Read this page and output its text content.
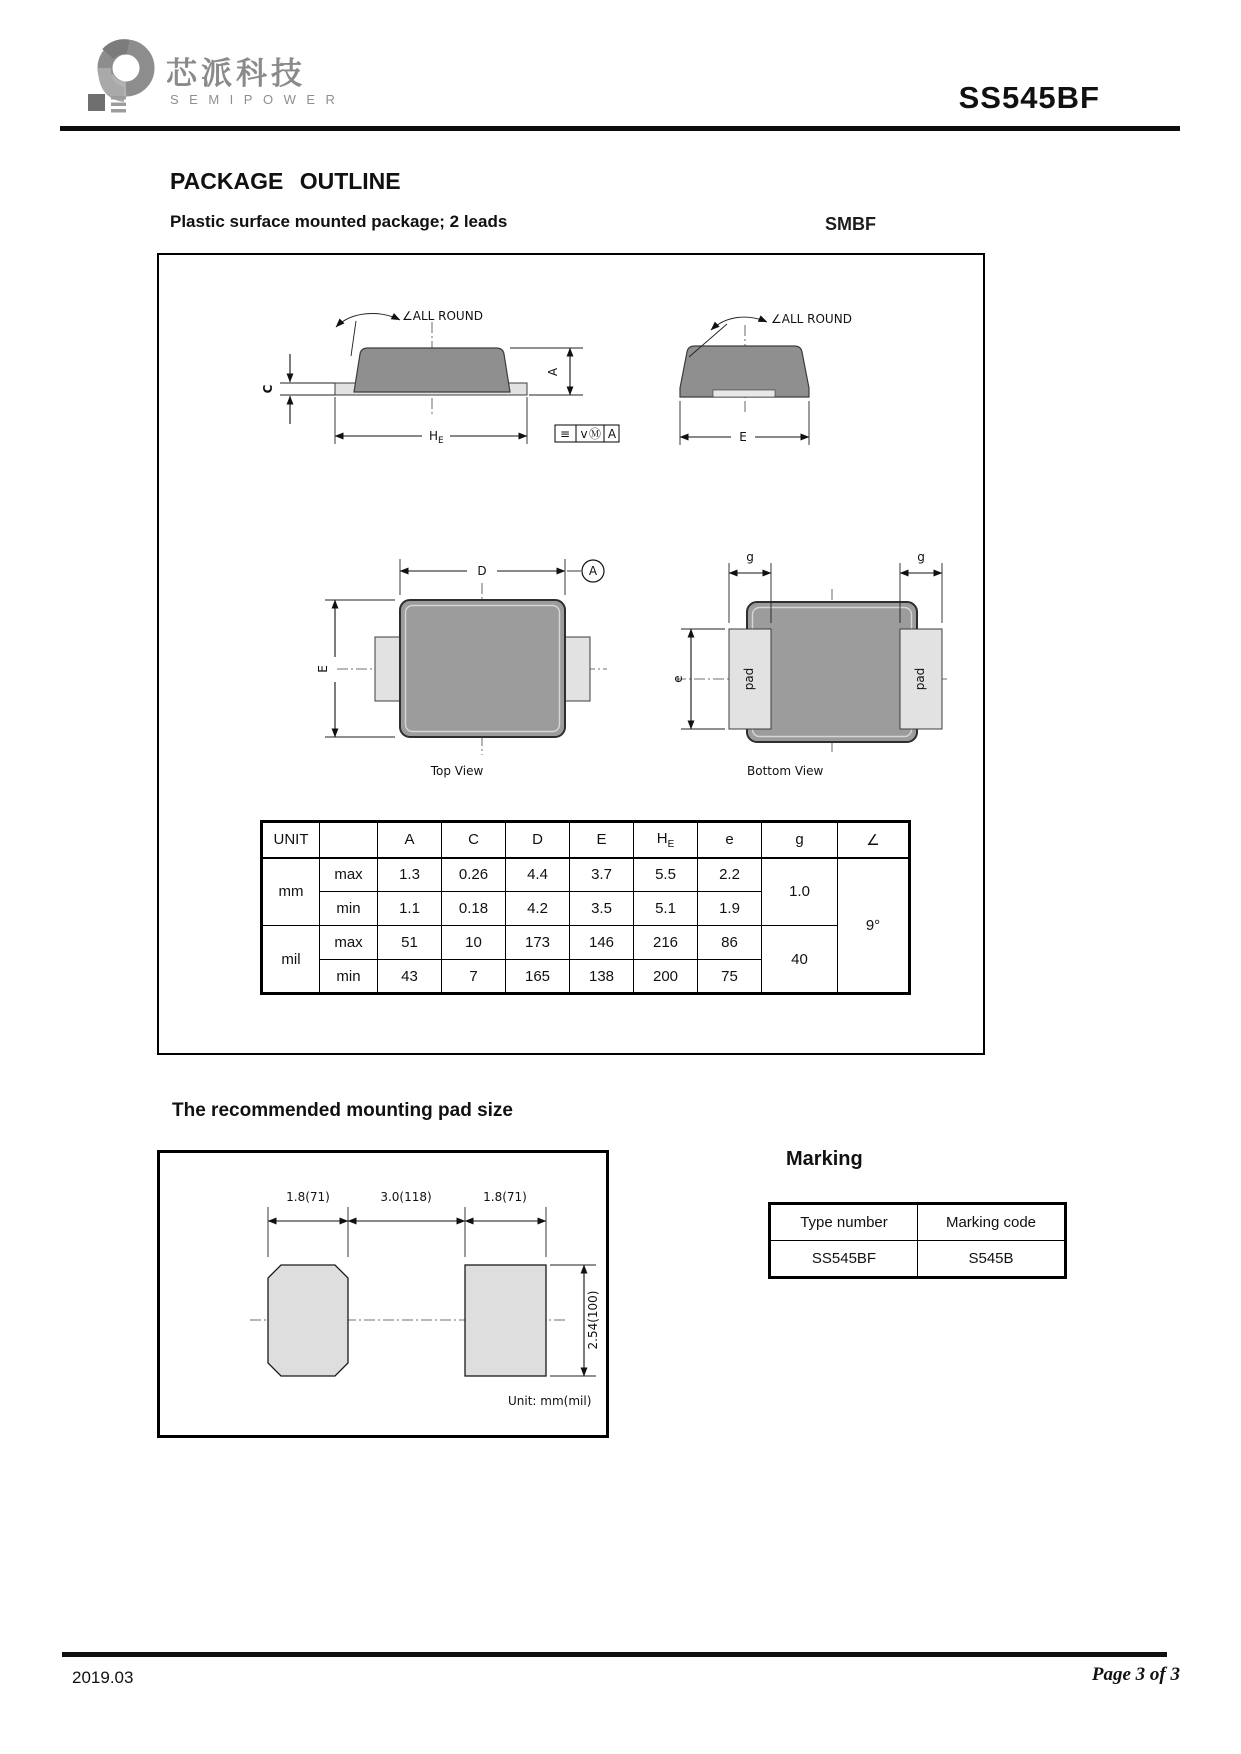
芯派科技
SEMIPOWER	SS545BF
PACKAGE OUTLINE
Plastic surface mounted package; 2 leads	SMBF
∠ALL ROUND
A
C
$H_E$	≡ v Ⓜ A
∠ALL ROUND
E
D	A
E
Top View
pad	pad
g	g
e
Bottom View
UNIT		A	C	D	E	$H_E$	e	g	∠
mm	max	1.3	0.26	4.4	3.7	5.5	2.2	1.0	9°
	min	1.1	0.18	4.2	3.5	5.1	1.9		
mil	max	51	10	173	146	216	86	40	
	min	43	7	165	138	200	75		
The recommended mounting pad size
1.8(71)	3.0(118)	1.8(71)
2.54(100)
Unit: mm(mil)
Marking
Type number	Marking code
SS545BF	S545B
2019.03	Page 3 of 3
